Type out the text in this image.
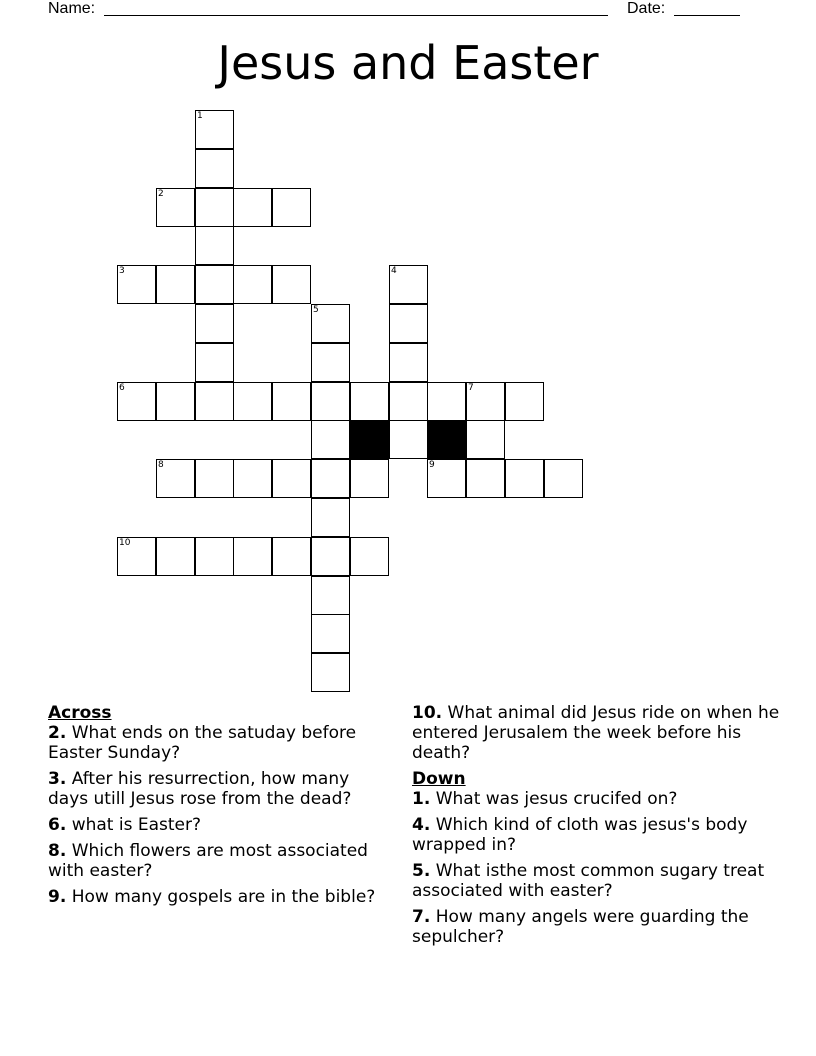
Name:	Date:
Jesus and Easter
1
2
3	4
5
6	7
8	9
10

Across

2. What ends on the satuday before Easter Sunday?

3. After his resurrection, how many days utill Jesus rose from the dead?

6. what is Easter?

8. Which flowers are most associated with easter?

9. How many gospels are in the bible?

10. What animal did Jesus ride on when he entered Jerusalem the week before his death?

Down

1. What was jesus crucifed on?

4. Which kind of cloth was jesus's body wrapped in?

5. What isthe most common sugary treat associated with easter?

7. How many angels were guarding the sepulcher?
